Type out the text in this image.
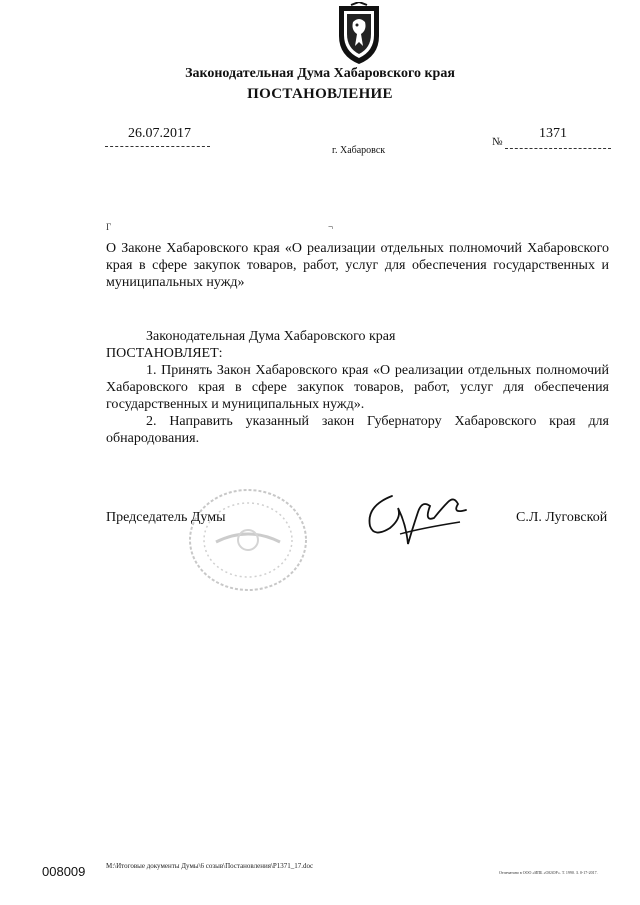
Законодательная Дума Хабаровского края
ПОСТАНОВЛЕНИЕ
26.07.2017
г. Хабаровск
№
1371
Г	¬
О Законе Хабаровского края «О реализации отдельных полномочий Хабаровского края в сфере закупок товаров, работ, услуг для обеспечения государственных и муниципальных нужд»

Законодательная Дума Хабаровского края

ПОСТАНОВЛЯЕТ:

1. Принять Закон Хабаровского края «О реализации отдельных полномочий Хабаровского края в сфере закупок товаров, работ, услуг для обеспечения государственных и муниципальных нужд».

2. Направить указанный закон Губернатору Хабаровского края для обнародования.

Председатель Думы	С.Л. Луговской
008009	М:\Итоговые документы Думы\6 созыв\Постановления\P1371_17.doc
Отпечатано в ООО «ИПБ «ОБЗОР». Т. 1990. З. 0-17-2017.
